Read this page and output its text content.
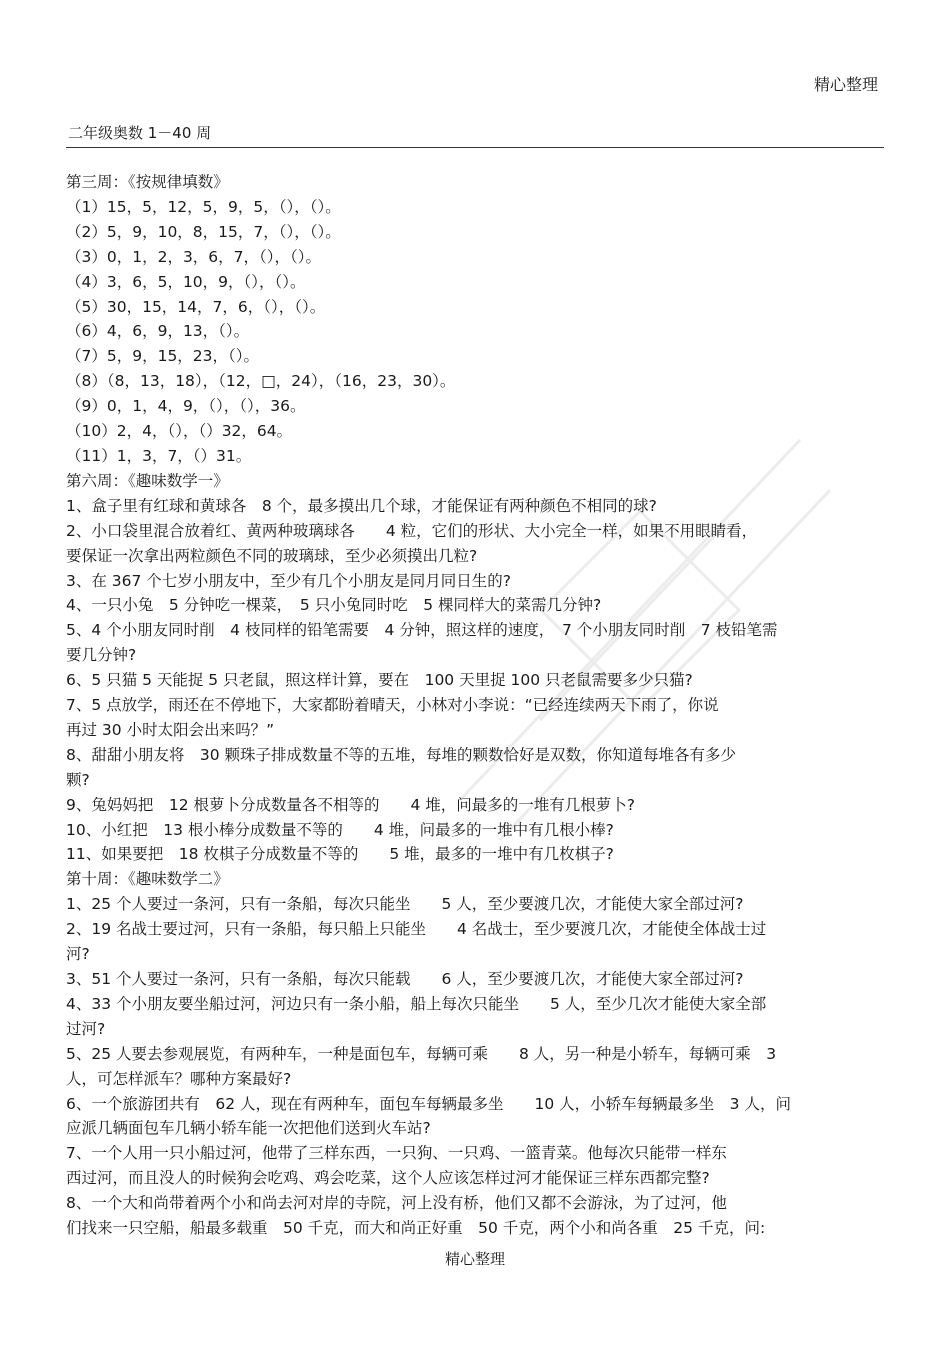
精心整理
二年级奥数 1－40 周

第三周：《按规律填数》

（1）15，5，12，5，9，5，（），（）。

（2）5，9，10，8，15，7，（），（）。

（3）0，1，2，3，6，7，（），（）。

（4）3，6，5，10，9，（），（）。

（5）30，15，14，7，6，（），（）。

（6）4，6，9，13，（）。

（7）5，9，15，23，（）。

（8）（8，13，18），（12，□，24），（16，23，30）。

（9）0，1，4，9，（），（），36。

（10）2，4，（），（）32，64。

（11）1，3，7，（）31。

第六周：《趣味数学一》

1、盒子里有红球和黄球各　8 个，最多摸出几个球，才能保证有两种颜色不相同的球?

2、小口袋里混合放着红、黄两种玻璃球各　　4 粒，它们的形状、大小完全一样，如果不用眼睛看，

要保证一次拿出两粒颜色不同的玻璃球，至少必须摸出几粒?

3、在 367 个七岁小朋友中，至少有几个小朋友是同月同日生的?

4、一只小兔　5 分钟吃一棵菜，　5 只小兔同时吃　5 棵同样大的菜需几分钟?

5、4 个小朋友同时削　4 枝同样的铅笔需要　4 分钟，照这样的速度，　7 个小朋友同时削　7 枝铅笔需

要几分钟?

6、5 只猫 5 天能捉 5 只老鼠，照这样计算，要在　100 天里捉 100 只老鼠需要多少只猫?

7、5 点放学，雨还在不停地下，大家都盼着晴天，小林对小李说：“已经连续两天下雨了，你说

再过 30 小时太阳会出来吗？”

8、甜甜小朋友将　30 颗珠子排成数量不等的五堆，每堆的颗数恰好是双数，你知道每堆各有多少

颗?

9、兔妈妈把　12 根萝卜分成数量各不相等的　　4 堆，问最多的一堆有几根萝卜?

10、小红把　13 根小棒分成数量不等的　　4 堆，问最多的一堆中有几根小棒?

11、如果要把　18 枚棋子分成数量不等的　　5 堆，最多的一堆中有几枚棋子?

第十周：《趣味数学二》

1、25 个人要过一条河，只有一条船，每次只能坐　　5 人，至少要渡几次，才能使大家全部过河?

2、19 名战士要过河，只有一条船，每只船上只能坐　　4 名战士，至少要渡几次，才能使全体战士过

河?

3、51 个人要过一条河，只有一条船，每次只能载　　6 人，至少要渡几次，才能使大家全部过河?

4、33 个小朋友要坐船过河，河边只有一条小船，船上每次只能坐　　5 人，至少几次才能使大家全部

过河?

5、25 人要去参观展览，有两种车，一种是面包车，每辆可乘　　8 人，另一种是小轿车，每辆可乘　3

人，可怎样派车？哪种方案最好?

6、一个旅游团共有　62 人，现在有两种车，面包车每辆最多坐　　10 人，小轿车每辆最多坐　3 人，问

应派几辆面包车几辆小轿车能一次把他们送到火车站?

7、一个人用一只小船过河，他带了三样东西，一只狗、一只鸡、一篮青菜。他每次只能带一样东

西过河，而且没人的时候狗会吃鸡、鸡会吃菜，这个人应该怎样过河才能保证三样东西都完整?

8、一个大和尚带着两个小和尚去河对岸的寺院，河上没有桥，他们又都不会游泳，为了过河，他

们找来一只空船，船最多载重　50 千克，而大和尚正好重　50 千克，两个小和尚各重　25 千克，问:

精心整理
